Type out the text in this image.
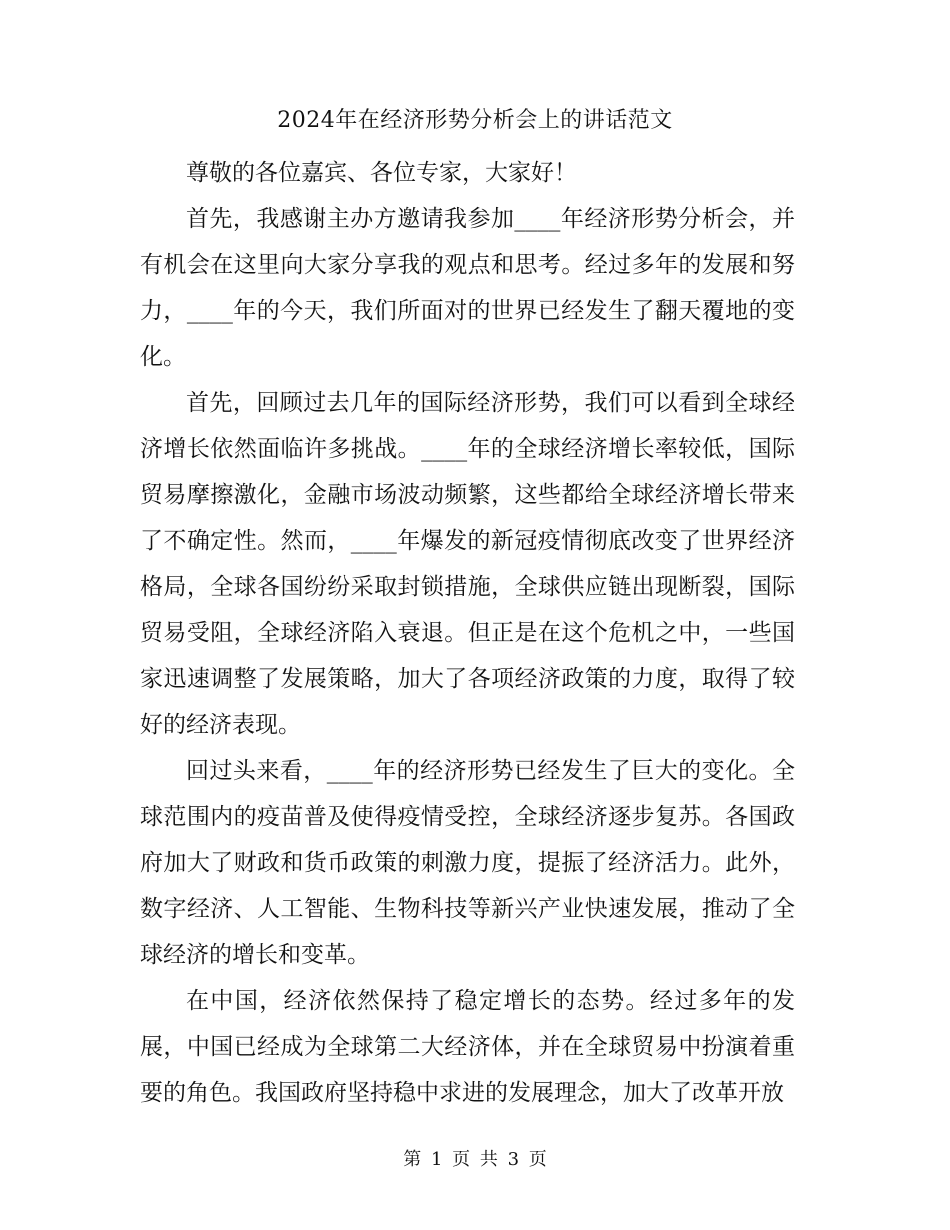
2024年在经济形势分析会上的讲话范文

尊敬的各位嘉宾、各位专家，大家好！

首先，我感谢主办方邀请我参加____年经济形势分析会，并有机会在这里向大家分享我的观点和思考。经过多年的发展和努力，____年的今天，我们所面对的世界已经发生了翻天覆地的变化。

首先，回顾过去几年的国际经济形势，我们可以看到全球经济增长依然面临许多挑战。____年的全球经济增长率较低，国际贸易摩擦激化，金融市场波动频繁，这些都给全球经济增长带来了不确定性。然而，____年爆发的新冠疫情彻底改变了世界经济格局，全球各国纷纷采取封锁措施，全球供应链出现断裂，国际贸易受阻，全球经济陷入衰退。但正是在这个危机之中，一些国家迅速调整了发展策略，加大了各项经济政策的力度，取得了较好的经济表现。

回过头来看，____年的经济形势已经发生了巨大的变化。全球范围内的疫苗普及使得疫情受控，全球经济逐步复苏。各国政府加大了财政和货币政策的刺激力度，提振了经济活力。此外，数字经济、人工智能、生物科技等新兴产业快速发展，推动了全球经济的增长和变革。

在中国，经济依然保持了稳定增长的态势。经过多年的发展，中国已经成为全球第二大经济体，并在全球贸易中扮演着重要的角色。我国政府坚持稳中求进的发展理念，加大了改革开放

第 1 页 共 3 页
